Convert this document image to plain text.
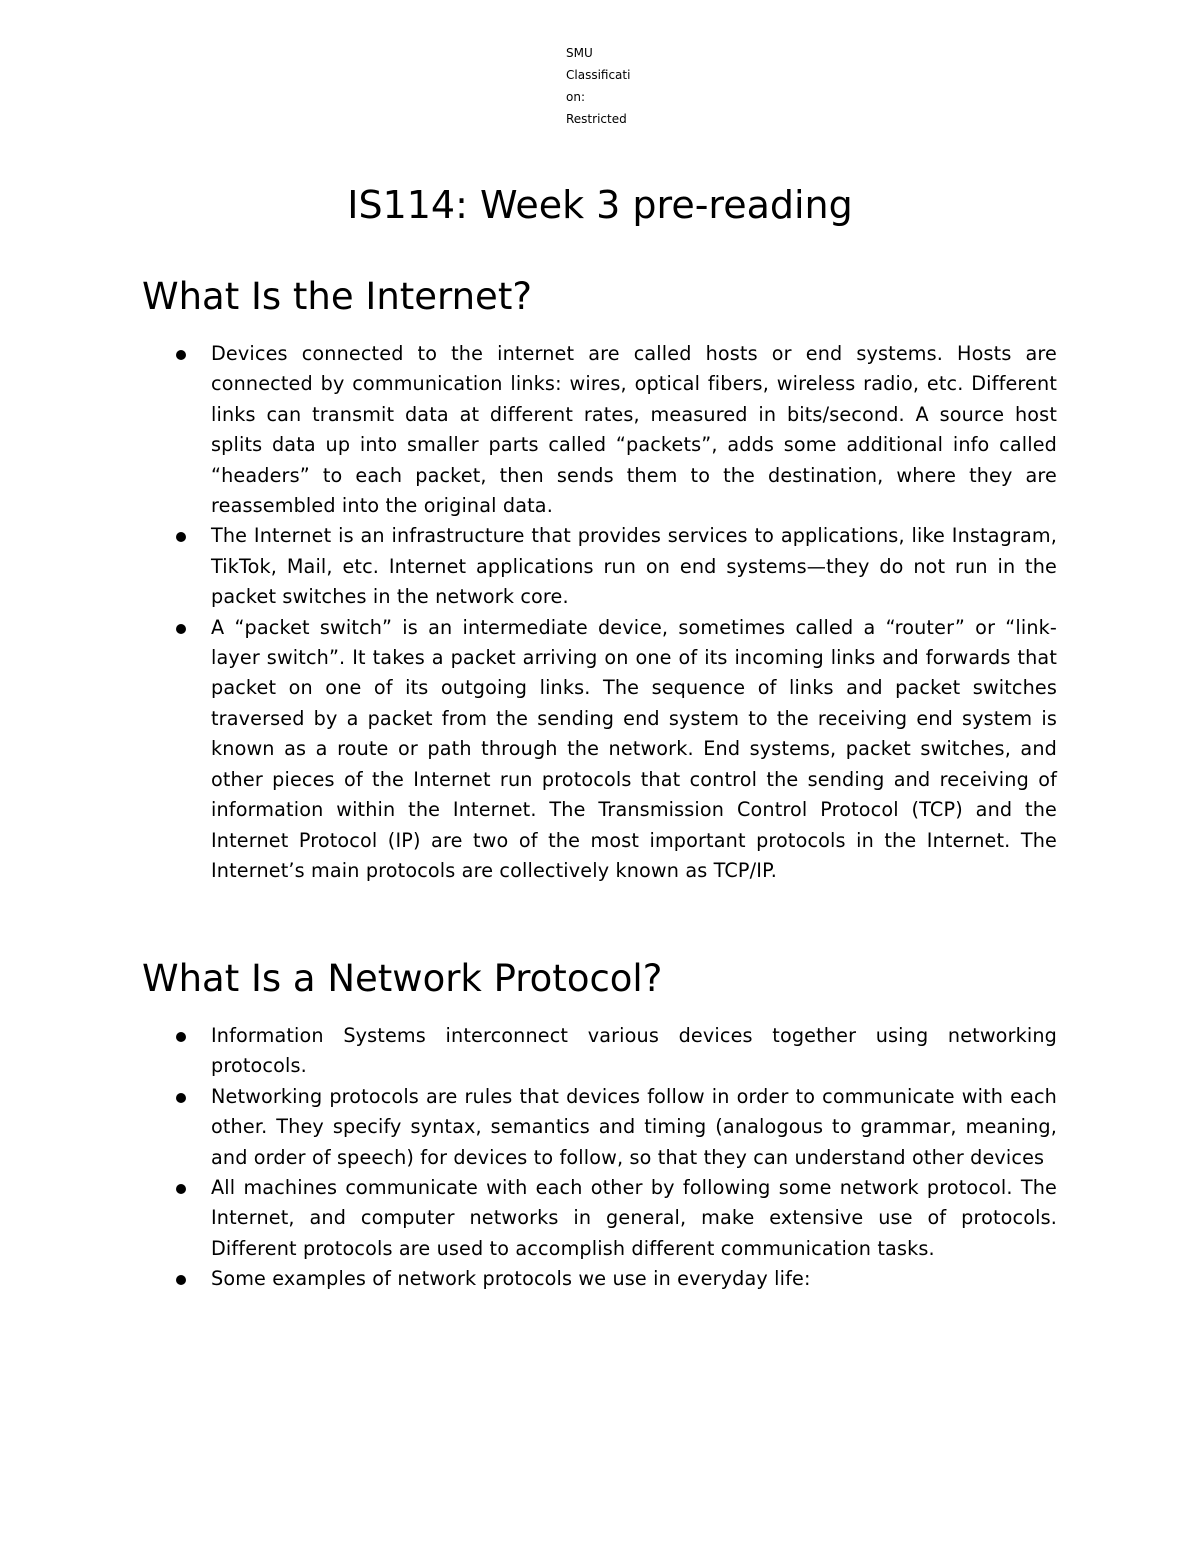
SMU
Classificati
on:
Restricted
IS114: Week 3 pre-reading
What Is the Internet?
Devices connected to the internet are called hosts or end systems. Hosts are connected by communication links: wires, optical fibers, wireless radio, etc. Different links can transmit data at different rates, measured in bits/second. A source host splits data up into smaller parts called “packets”, adds some additional info called “headers” to each packet, then sends them to the destination, where they are reassembled into the original data.
The Internet is an infrastructure that provides services to applications, like Instagram, TikTok, Mail, etc. Internet applications run on end systems—they do not run in the packet switches in the network core.
A “packet switch” is an intermediate device, sometimes called a “router” or “link-layer switch”. It takes a packet arriving on one of its incoming links and forwards that packet on one of its outgoing links. The sequence of links and packet switches traversed by a packet from the sending end system to the receiving end system is known as a route or path through the network. End systems, packet switches, and other pieces of the Internet run protocols that control the sending and receiving of information within the Internet. The Transmission Control Protocol (TCP) and the Internet Protocol (IP) are two of the most important protocols in the Internet. The Internet’s main protocols are collectively known as TCP/IP.
What Is a Network Protocol?
Information Systems interconnect various devices together using networking protocols.
Networking protocols are rules that devices follow in order to communicate with each other. They specify syntax, semantics and timing (analogous to grammar, meaning, and order of speech) for devices to follow, so that they can understand other devices
All machines communicate with each other by following some network protocol. The Internet, and computer networks in general, make extensive use of protocols. Different protocols are used to accomplish different communication tasks.
Some examples of network protocols we use in everyday life:
